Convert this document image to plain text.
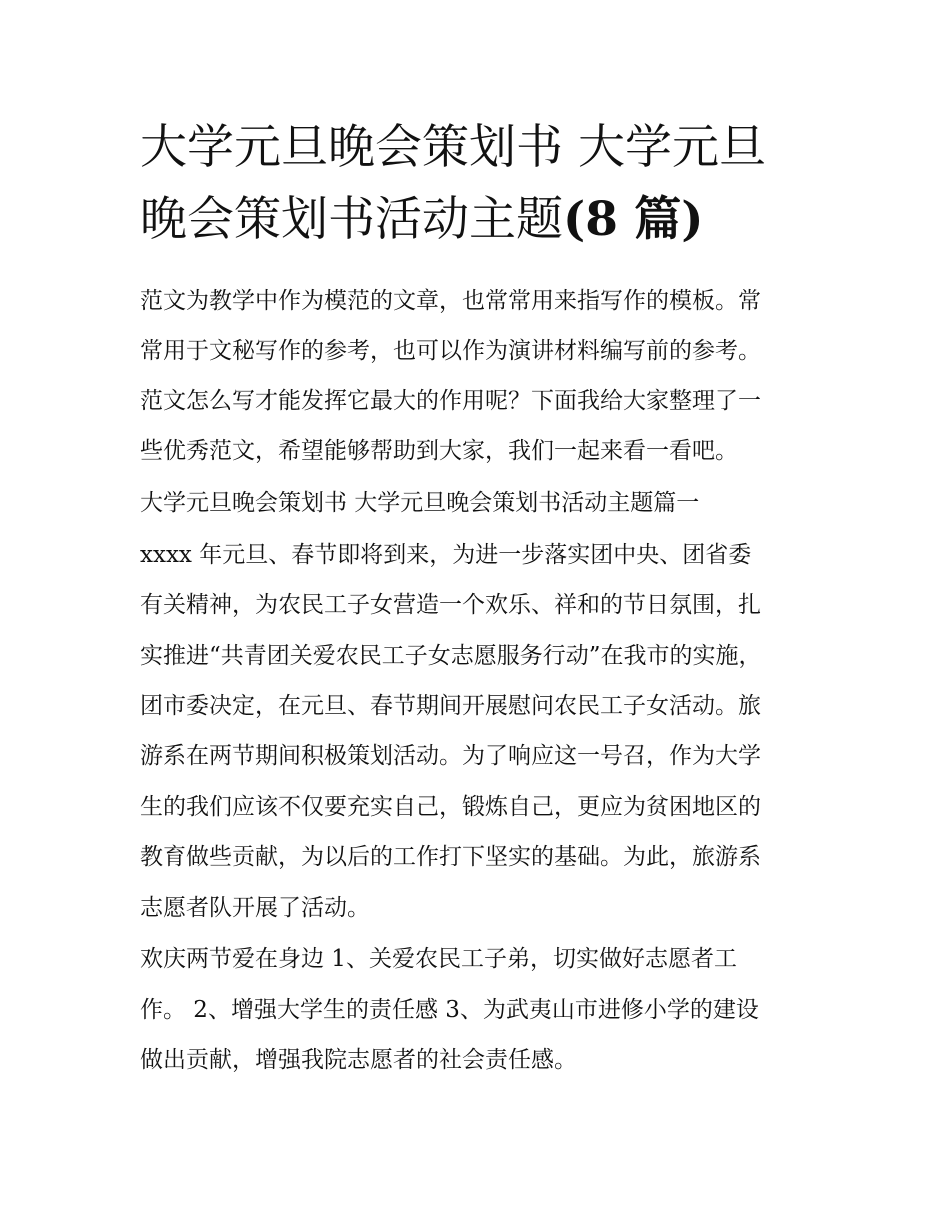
大学元旦晚会策划书 大学元旦
晚会策划书活动主题(8 篇)
范文为教学中作为模范的文章，也常常用来指写作的模板。常
常用于文秘写作的参考，也可以作为演讲材料编写前的参考。
范文怎么写才能发挥它最大的作用呢？下面我给大家整理了一
些优秀范文，希望能够帮助到大家，我们一起来看一看吧。
大学元旦晚会策划书 大学元旦晚会策划书活动主题篇一
xxxx 年元旦、春节即将到来，为进一步落实团中央、团省委
有关精神，为农民工子女营造一个欢乐、祥和的节日氛围，扎
实推进“共青团关爱农民工子女志愿服务行动”在我市的实施，
团市委决定，在元旦、春节期间开展慰问农民工子女活动。旅
游系在两节期间积极策划活动。为了响应这一号召，作为大学
生的我们应该不仅要充实自己，锻炼自己，更应为贫困地区的
教育做些贡献，为以后的工作打下坚实的基础。为此，旅游系
志愿者队开展了活动。
欢庆两节爱在身边 1、关爱农民工子弟，切实做好志愿者工
作。 2、增强大学生的责任感 3、为武夷山市进修小学的建设
做出贡献，增强我院志愿者的社会责任感。
